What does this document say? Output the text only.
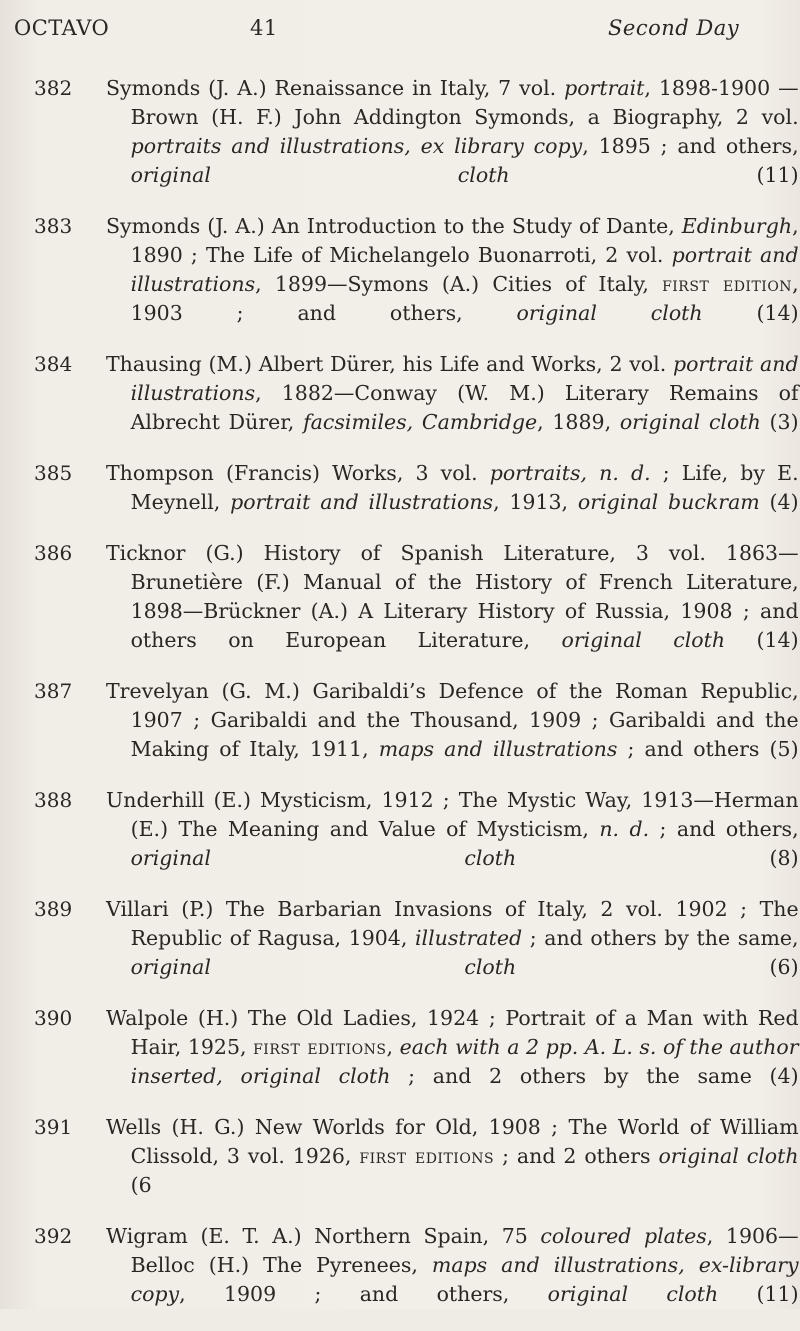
OCTAVO	41	Second Day
382 Symonds (J. A.) Renaissance in Italy, 7 vol. portrait, 1898-1900 —Brown (H. F.) John Addington Symonds, a Biography, 2 vol. portraits and illustrations, ex library copy, 1895 ; and others, original cloth (11)
383 Symonds (J. A.) An Introduction to the Study of Dante, Edinburgh, 1890 ; The Life of Michelangelo Buonarroti, 2 vol. portrait and illustrations, 1899—Symons (A.) Cities of Italy, first edition, 1903 ; and others, original cloth (14)
384 Thausing (M.) Albert Dürer, his Life and Works, 2 vol. portrait and illustrations, 1882—Conway (W. M.) Literary Remains of Albrecht Dürer, facsimiles, Cambridge, 1889, original cloth (3)
385 Thompson (Francis) Works, 3 vol. portraits, n. d. ; Life, by E. Meynell, portrait and illustrations, 1913, original buckram (4)
386 Ticknor (G.) History of Spanish Literature, 3 vol. 1863—Brunetière (F.) Manual of the History of French Literature, 1898—Brückner (A.) A Literary History of Russia, 1908 ; and others on European Literature, original cloth (14)
387 Trevelyan (G. M.) Garibaldi’s Defence of the Roman Republic, 1907 ; Garibaldi and the Thousand, 1909 ; Garibaldi and the Making of Italy, 1911, maps and illustrations ; and others (5)
388 Underhill (E.) Mysticism, 1912 ; The Mystic Way, 1913—Herman (E.) The Meaning and Value of Mysticism, n. d. ; and others, original cloth (8)
389 Villari (P.) The Barbarian Invasions of Italy, 2 vol. 1902 ; The Republic of Ragusa, 1904, illustrated ; and others by the same, original cloth (6)
390 Walpole (H.) The Old Ladies, 1924 ; Portrait of a Man with Red Hair, 1925, first editions, each with a 2 pp. A. L. s. of the author inserted, original cloth ; and 2 others by the same (4)
391 Wells (H. G.) New Worlds for Old, 1908 ; The World of William Clissold, 3 vol. 1926, first editions ; and 2 others original cloth (6
392 Wigram (E. T. A.) Northern Spain, 75 coloured plates, 1906—Belloc (H.) The Pyrenees, maps and illustrations, ex-library copy, 1909 ; and others, original cloth (11)
